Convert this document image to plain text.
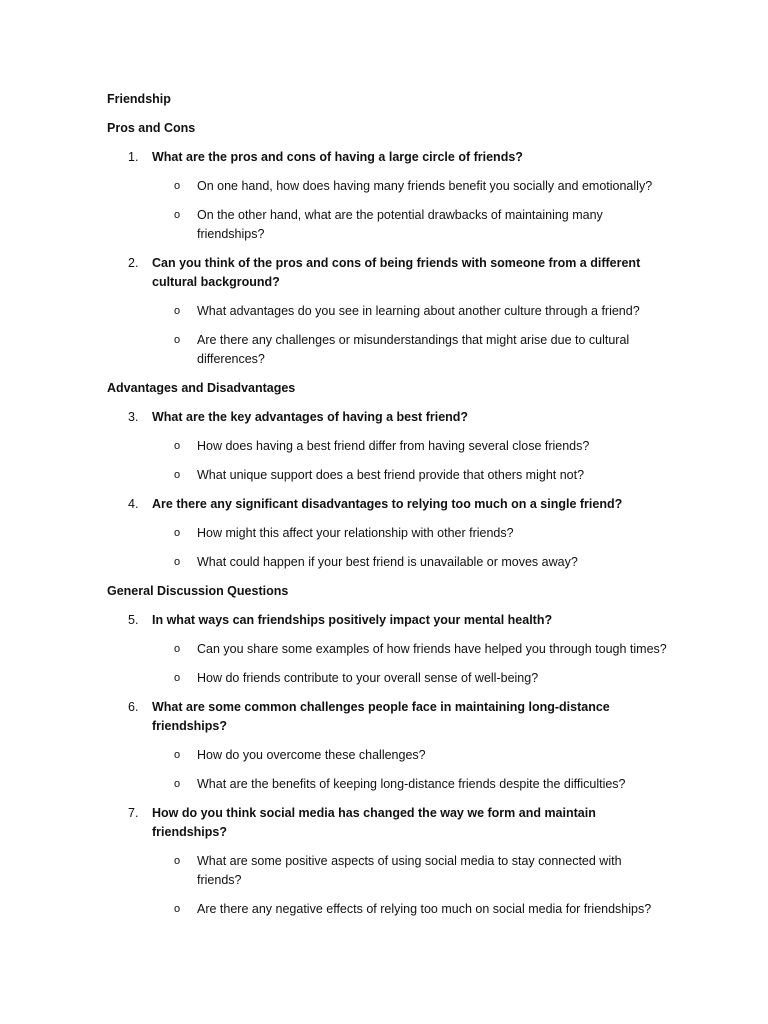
Friendship
Pros and Cons
1. What are the pros and cons of having a large circle of friends?
o On one hand, how does having many friends benefit you socially and emotionally?
o On the other hand, what are the potential drawbacks of maintaining many friendships?
2. Can you think of the pros and cons of being friends with someone from a different cultural background?
o What advantages do you see in learning about another culture through a friend?
o Are there any challenges or misunderstandings that might arise due to cultural differences?
Advantages and Disadvantages
3. What are the key advantages of having a best friend?
o How does having a best friend differ from having several close friends?
o What unique support does a best friend provide that others might not?
4. Are there any significant disadvantages to relying too much on a single friend?
o How might this affect your relationship with other friends?
o What could happen if your best friend is unavailable or moves away?
General Discussion Questions
5. In what ways can friendships positively impact your mental health?
o Can you share some examples of how friends have helped you through tough times?
o How do friends contribute to your overall sense of well-being?
6. What are some common challenges people face in maintaining long-distance friendships?
o How do you overcome these challenges?
o What are the benefits of keeping long-distance friends despite the difficulties?
7. How do you think social media has changed the way we form and maintain friendships?
o What are some positive aspects of using social media to stay connected with friends?
o Are there any negative effects of relying too much on social media for friendships?
